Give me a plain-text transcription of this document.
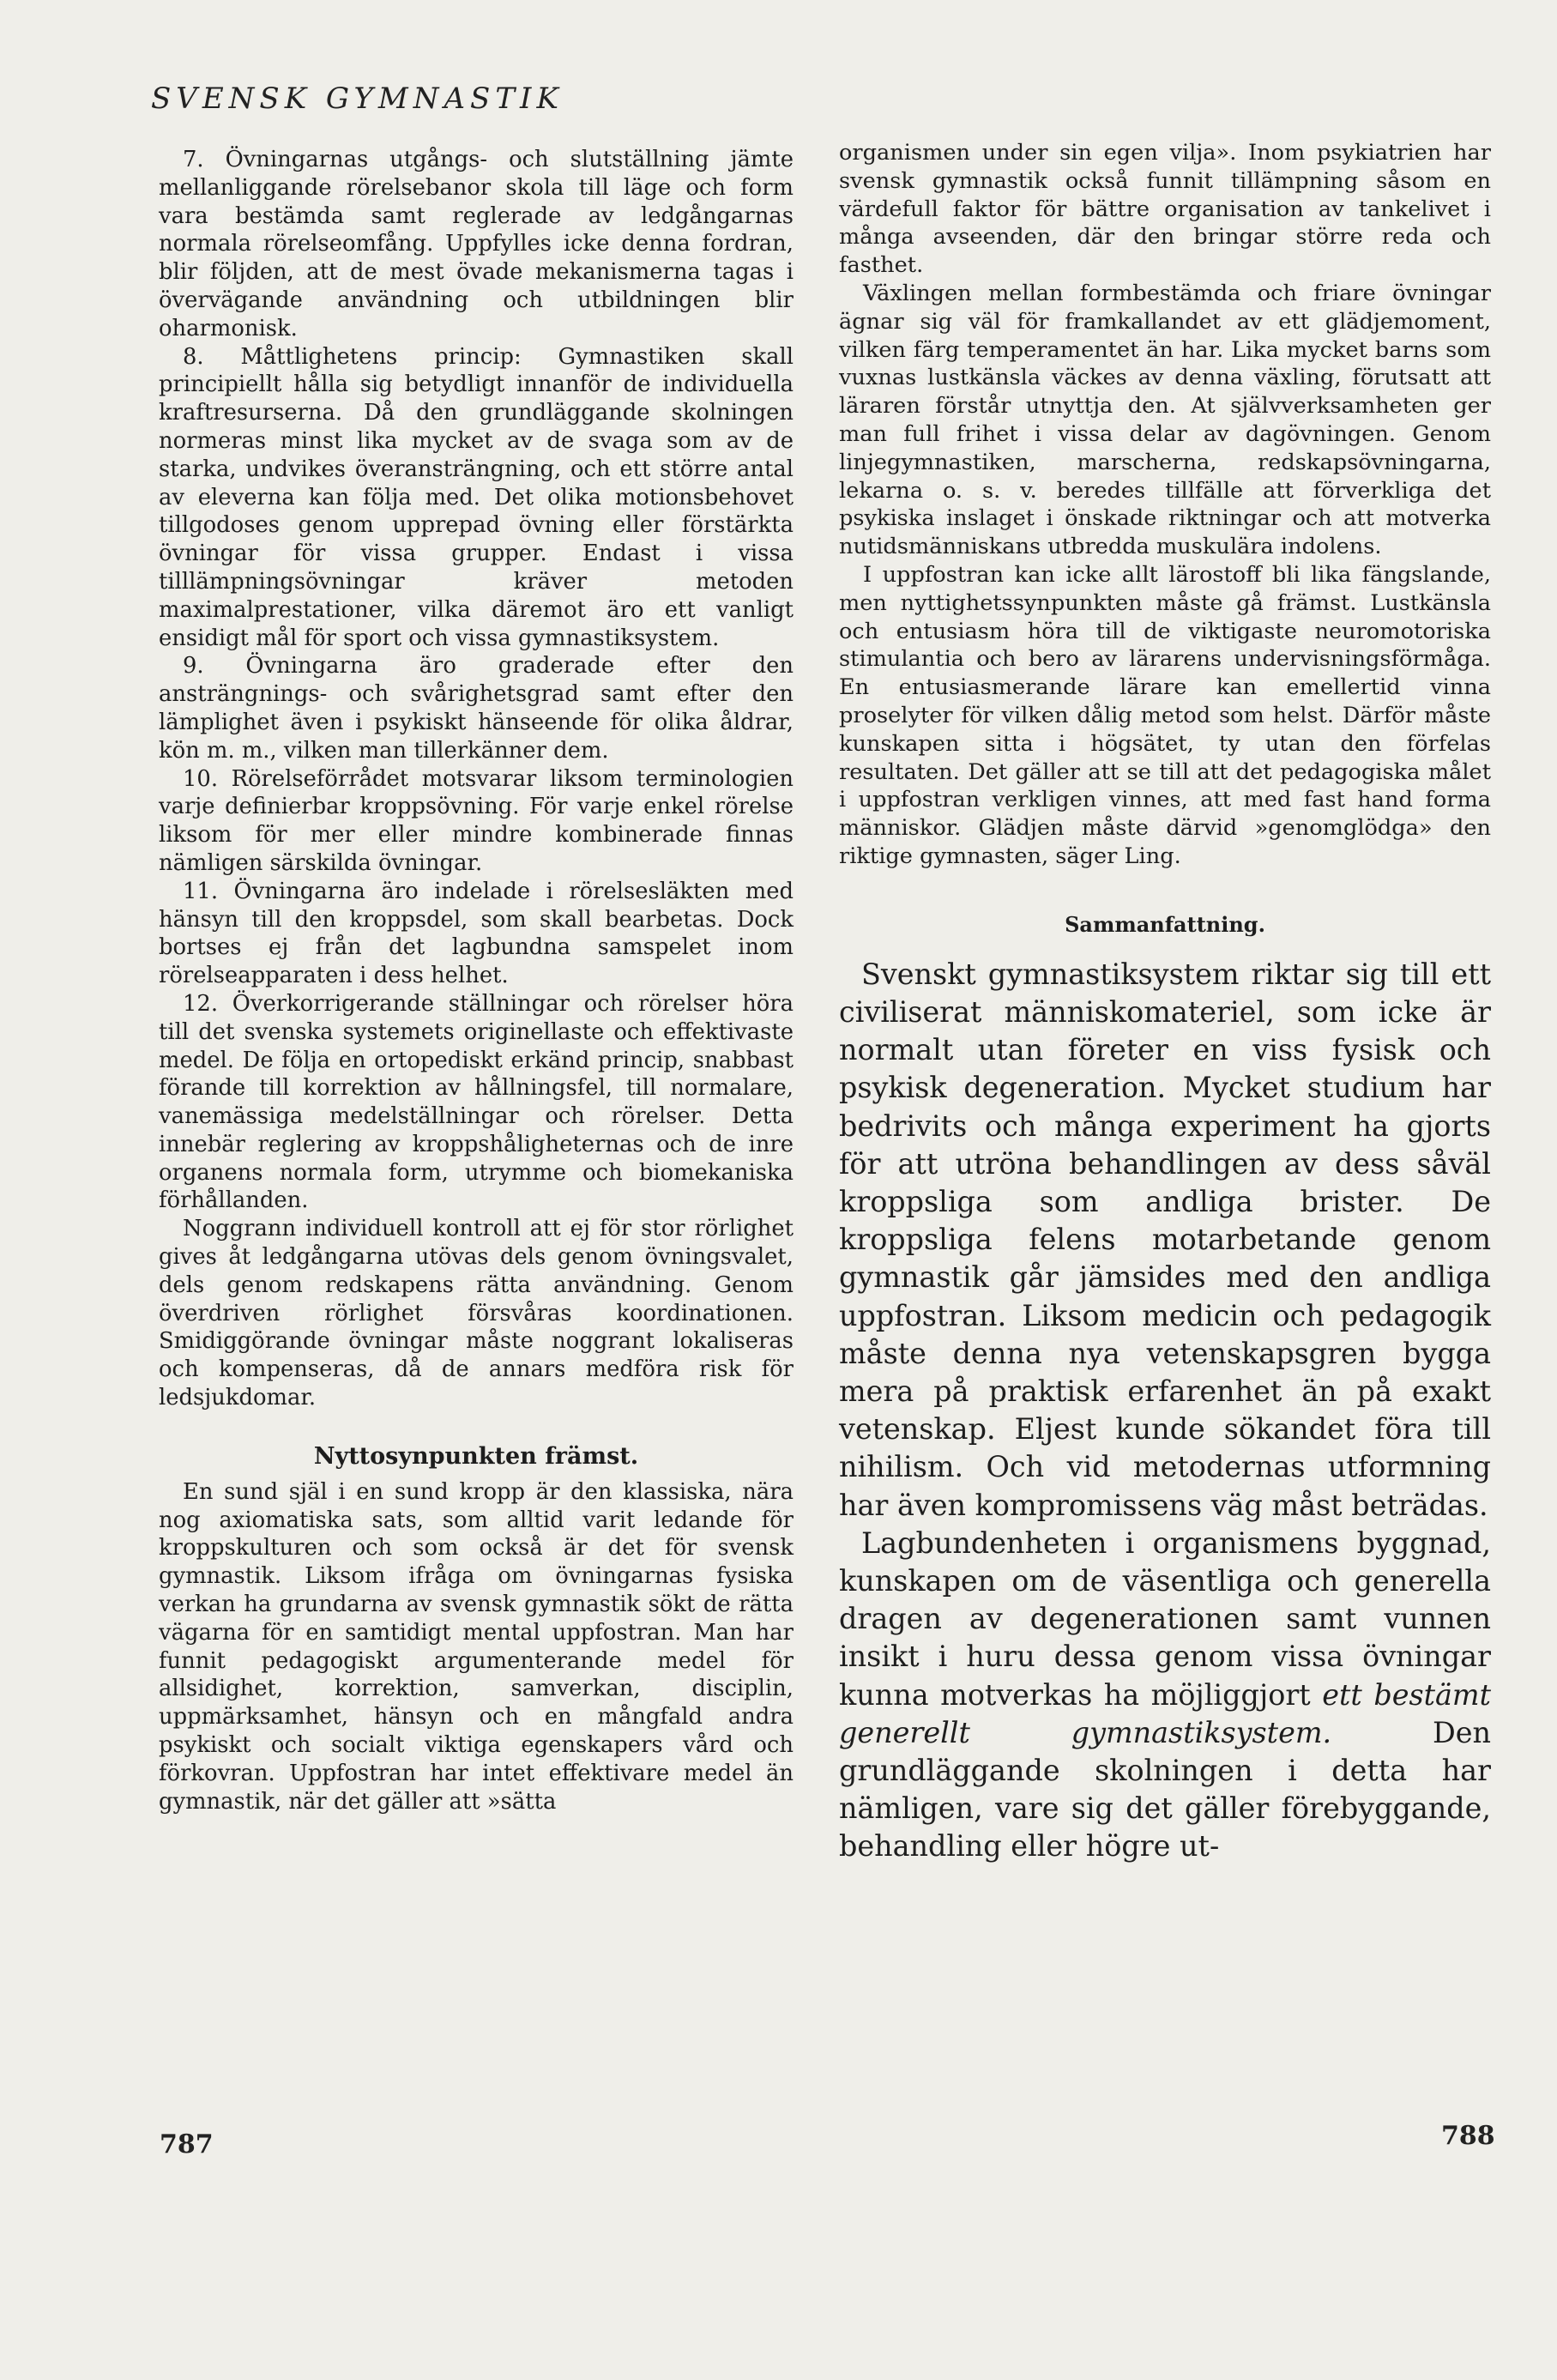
SVENSK GYMNASTIK

7. Övningarnas utgångs- och slutställning jämte mellanliggande rörelsebanor skola till läge och form vara bestämda samt reglerade av ledgångarnas normala rörelseomfång. Uppfylles icke denna fordran, blir följden, att de mest övade mekanismerna tagas i övervägande användning och utbildningen blir oharmonisk.

8. Måttlighetens princip: Gymnastiken skall principiellt hålla sig betydligt innanför de individuella kraftresurserna. Då den grundläggande skolningen normeras minst lika mycket av de svaga som av de starka, undvikes överansträngning, och ett större antal av eleverna kan följa med. Det olika motionsbehovet tillgodoses genom upprepad övning eller förstärkta övningar för vissa grupper. Endast i vissa tilllämpningsövningar kräver metoden maximalprestationer, vilka däremot äro ett vanligt ensidigt mål för sport och vissa gymnastiksystem.

9. Övningarna äro graderade efter den ansträngnings- och svårighetsgrad samt efter den lämplighet även i psykiskt hänseende för olika åldrar, kön m. m., vilken man tillerkänner dem.

10. Rörelseförrådet motsvarar liksom terminologien varje definierbar kroppsövning. För varje enkel rörelse liksom för mer eller mindre kombinerade finnas nämligen särskilda övningar.

11. Övningarna äro indelade i rörelsesläkten med hänsyn till den kroppsdel, som skall bearbetas. Dock bortses ej från det lagbundna samspelet inom rörelseapparaten i dess helhet.

12. Överkorrigerande ställningar och rörelser höra till det svenska systemets originellaste och effektivaste medel. De följa en ortopediskt erkänd princip, snabbast förande till korrektion av hållningsfel, till normalare, vanemässiga medelställningar och rörelser. Detta innebär reglering av kroppshåligheternas och de inre organens normala form, utrymme och biomekaniska förhållanden.

Noggrann individuell kontroll att ej för stor rörlighet gives åt ledgångarna utövas dels genom övningsvalet, dels genom redskapens rätta användning. Genom överdriven rörlighet försvåras koordinationen. Smidiggörande övningar måste noggrant lokaliseras och kompenseras, då de annars medföra risk för ledsjukdomar.

Nyttosynpunkten främst.

En sund själ i en sund kropp är den klassiska, nära nog axiomatiska sats, som alltid varit ledande för kroppskulturen och som också är det för svensk gymnastik. Liksom ifråga om övningarnas fysiska verkan ha grundarna av svensk gymnastik sökt de rätta vägarna för en samtidigt mental uppfostran. Man har funnit pedagogiskt argumenterande medel för allsidighet, korrektion, samverkan, disciplin, uppmärksamhet, hänsyn och en mångfald andra psykiskt och socialt viktiga egenskapers vård och förkovran. Uppfostran har intet effektivare medel än gymnastik, när det gäller att »sätta

organismen under sin egen vilja». Inom psykiatrien har svensk gymnastik också funnit tillämpning såsom en värdefull faktor för bättre organisation av tankelivet i många avseenden, där den bringar större reda och fasthet.

Växlingen mellan formbestämda och friare övningar ägnar sig väl för framkallandet av ett glädjemoment, vilken färg temperamentet än har. Lika mycket barns som vuxnas lustkänsla väckes av denna växling, förutsatt att läraren förstår utnyttja den. At självverksamheten ger man full frihet i vissa delar av dagövningen. Genom linjegymnastiken, marscherna, redskapsövningarna, lekarna o. s. v. beredes tillfälle att förverkliga det psykiska inslaget i önskade riktningar och att motverka nutidsmänniskans utbredda muskulära indolens.

I uppfostran kan icke allt lärostoff bli lika fängslande, men nyttighetssynpunkten måste gå främst. Lustkänsla och entusiasm höra till de viktigaste neuromotoriska stimulantia och bero av lärarens undervisningsförmåga. En entusiasmerande lärare kan emellertid vinna proselyter för vilken dålig metod som helst. Därför måste kunskapen sitta i högsätet, ty utan den förfelas resultaten. Det gäller att se till att det pedagogiska målet i uppfostran verkligen vinnes, att med fast hand forma människor. Glädjen måste därvid »genomglödga» den riktige gymnasten, säger Ling.

Sammanfattning.

Svenskt gymnastiksystem riktar sig till ett civiliserat människomateriel, som icke är normalt utan företer en viss fysisk och psykisk degeneration. Mycket studium har bedrivits och många experiment ha gjorts för att utröna behandlingen av dess såväl kroppsliga som andliga brister. De kroppsliga felens motarbetande genom gymnastik går jämsides med den andliga uppfostran. Liksom medicin och pedagogik måste denna nya vetenskapsgren bygga mera på praktisk erfarenhet än på exakt vetenskap. Eljest kunde sökandet föra till nihilism. Och vid metodernas utformning har även kompromissens väg måst beträdas.

Lagbundenheten i organismens byggnad, kunskapen om de väsentliga och generella dragen av degenerationen samt vunnen insikt i huru dessa genom vissa övningar kunna motverkas ha möjliggjort ett bestämt generellt gymnastiksystem. Den grundläggande skolningen i detta har nämligen, vare sig det gäller förebyggande, behandling eller högre ut-

787	788
